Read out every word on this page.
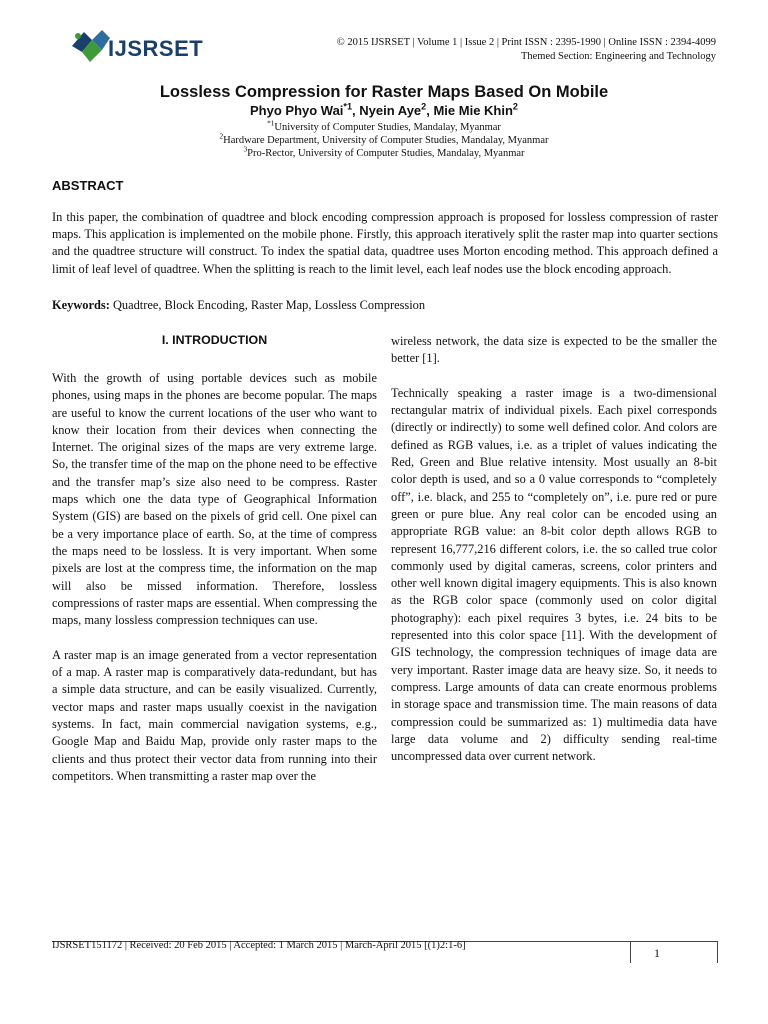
IJSRSET	© 2015 IJSRSET | Volume 1 | Issue 2 | Print ISSN : 2395-1990 | Online ISSN : 2394-4099
Themed Section: Engineering and Technology
Lossless Compression for Raster Maps Based On Mobile
Phyo Phyo Wai$^{*1}$, Nyein Aye$^2$, Mie Mie Khin$^2$
$^{*1}$University of Computer Studies, Mandalay, Myanmar
$^2$Hardware Department, University of Computer Studies, Mandalay, Myanmar
$^3$Pro-Rector, University of Computer Studies, Mandalay, Myanmar
ABSTRACT
In this paper, the combination of quadtree and block encoding compression approach is proposed for lossless compression of raster maps. This application is implemented on the mobile phone. Firstly, this approach iteratively split the raster map into quarter sections and the quadtree structure will construct. To index the spatial data, quadtree uses Morton encoding method. This approach defined a limit of leaf level of quadtree. When the splitting is reach to the limit level, each leaf nodes use the block encoding approach.
Keywords: Quadtree, Block Encoding, Raster Map, Lossless Compression
I. INTRODUCTION

With the growth of using portable devices such as mobile phones, using maps in the phones are become popular. The maps are useful to know the current locations of the user who want to know their location from their devices when connecting the Internet. The original sizes of the maps are very extreme large. So, the transfer time of the map on the phone need to be effective and the transfer map’s size also need to be compress. Raster maps which one the data type of Geographical Information System (GIS) are based on the pixels of grid cell. One pixel can be a very importance place of earth. So, at the time of compress the maps need to be lossless. It is very important. When some pixels are lost at the compress time, the information on the map will also be missed information. Therefore, lossless compressions of raster maps are essential. When compressing the maps, many lossless compression techniques can use.

A raster map is an image generated from a vector representation of a map. A raster map is comparatively data-redundant, but has a simple data structure, and can be easily visualized. Currently, vector maps and raster maps usually coexist in the navigation systems. In fact, main commercial navigation systems, e.g., Google Map and Baidu Map, provide only raster maps to the clients and thus protect their vector data from running into their competitors. When transmitting a raster map over the

wireless network, the data size is expected to be the smaller the better [1].

Technically speaking a raster image is a two-dimensional rectangular matrix of individual pixels. Each pixel corresponds (directly or indirectly) to some well defined color. And colors are defined as RGB values, i.e. as a triplet of values indicating the Red, Green and Blue relative intensity. Most usually an 8-bit color depth is used, and so a 0 value corresponds to “completely off”, i.e. black, and 255 to “completely on”, i.e. pure red or pure green or pure blue. Any real color can be encoded using an appropriate RGB value: an 8-bit color depth allows RGB to represent 16,777,216 different colors, i.e. the so called true color commonly used by digital cameras, screens, color printers and other well known digital imagery equipments. This is also known as the RGB color space (commonly used on color digital photography): each pixel requires 3 bytes, i.e. 24 bits to be represented into this color space [11]. With the development of GIS technology, the compression techniques of image data are very important. Raster image data are heavy size. So, it needs to compress. Large amounts of data can create enormous problems in storage space and transmission time. The main reasons of data compression could be summarized as: 1) multimedia data have large data volume and 2) difficulty sending real-time uncompressed data over current network.

IJSRSET151172 | Received: 20 Feb 2015 | Accepted: 1 March 2015 | March-April 2015 [(1)2:1-6]
1
